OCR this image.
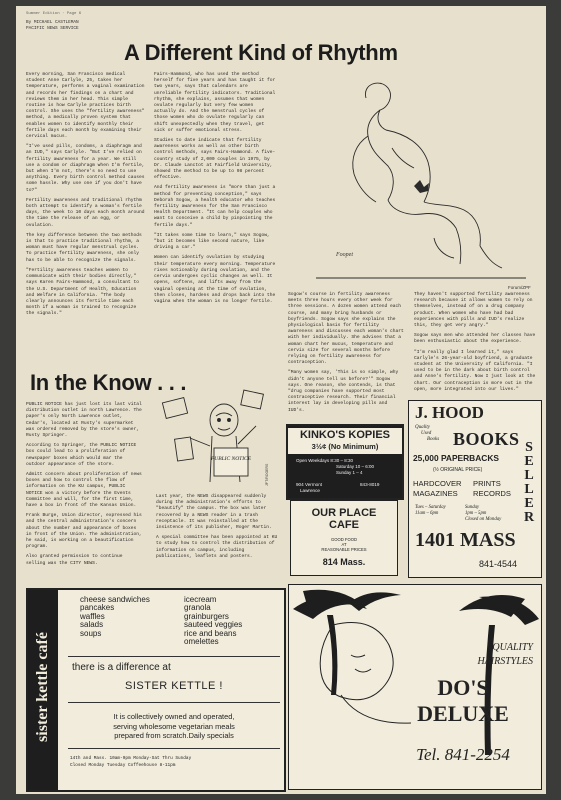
Summer Edition · Page 6
By MICHAEL CASTLEMAN
PACIFIC NEWS SERVICE
A Different Kind of Rhythm

Every morning, San Francisco medical student Anne Carlyle, 25, takes her temperature, performs a vaginal examination and records her findings on a chart and reviews them in her head. This simple routine is how Carlyle practices birth control. She uses the "fertility awareness" method, a medically proven system that enables women to identify monthly their fertile days each month by examining their cervical mucus.

"I've used pills, condoms, a diaphragm and an IUD," says Carlyle. "But I've relied on fertility awareness for a year. We still use a condom or diaphragm when I'm fertile, but when I'm not, there's no need to use anything. Every birth control method causes some hassle. Why use one if you don't have to?"

Fertility awareness and traditional rhythm both attempt to identify a woman's fertile days, the week to 10 days each month around the time the release of an egg, or ovulation.

The key difference between the two methods is that to practice traditional rhythm, a woman must have regular menstrual cycles. To practice fertility awareness, she only has to be able to recognize the signals.

"Fertility awareness teaches women to communicate with their bodies directly," says Karen Fairs-Hammond, a consultant to the U.S. Department of Health, Education and Welfare in California. "The body clearly announces its fertile time each month if a woman is trained to recognize the signals."

Fairs-Hammond, who has used the method herself for five years and has taught it for two years, says that calendars are unreliable fertility indicators. Traditional rhythm, she explains, assumes that women ovulate regularly but very few women actually do. And the menstrual cycles of those women who do ovulate regularly can shift unexpectedly when they travel, get sick or suffer emotional stress.

Studies to date indicate that fertility awareness works as well as other birth control methods, says Fairs-Hammond. A five-country study of 2,000 couples in 1975, by Dr. Claude Lanctot at Fairfield University, showed the method to be up to 98 percent effective.

And fertility awareness is "more than just a method for preventing conception," says Deborah Sogow, a health educator who teaches fertility awareness for the San Francisco Health Department. "It can help couples who want to conceive a child by pinpointing the fertile days."

"It takes some time to learn," says Sogow, "but it becomes like second nature, like driving a car."

Women can identify ovulation by studying their temperature every morning. Temperature rises noticeably during ovulation, and the cervix undergoes cyclic changes as well. It opens, softens, and lifts away from the vaginal opening at the time of ovulation, then closes, hardens and drops back into the vagina when the woman is no longer fertile.

Foopet
Forum/ZPF

Sogow's course in fertility awareness meets three hours every other week for three sessions. A dozen women attend each course, and many bring husbands or boyfriends. Sogow says she explains the physiological basis for fertility awareness and discusses each woman's chart with her individually. She advises that a woman chart her mucus, temperature and cervix size for several months before relying on fertility awareness for contraception.

"Many women say, 'This is so simple, why didn't anyone tell us before?'" Sogow says. One reason, she contends, is that "drug companies have supported most contraceptive research. Their financial interest lay in developing pills and IUD's.

They haven't supported fertility awareness research because it allows women to rely on themselves, instead of on a drug company product. When women who have had bad experiences with pills and IUD's realize this, they get very angry."

Sogow says men who attended her classes have been enthusiastic about the experience.

"I'm really glad I learned it," says Carlyle's 26-year-old boyfriend, a graduate student at the University of California. "I used to be in the dark about birth control and Anne's fertility. Now I just look at the chart. Our contraception is more out in the open, more integrated into our lives."

In the Know . . .

PUBLIC NOTICE has just lost its last vital distribution outlet in north Lawrence. The paper's only North Lawrence outlet, Cedar's, located at Rusty's supermarket was ordered removed by the store's owner, Rusty Springer.

According to Springer, the PUBLIC NOTICE box could lead to a proliferation of newspaper boxes which would mar the outdoor appearance of the store.

Admitt concern about proliferation of news boxes and how to control the flow of information on the KU campus, PUBLIC NOTICE won a victory before the Events Committee and will, for the first time, have a box in front of the Kansas Union.

Frank Burge, Union director, expressed his and the central administration's concern about the number and appearance of boxes in front of the Union. The administration, he said, is working on a beautification program.

Also granted permission to continue selling was the CITY NEWS.

PUBLIC NOTICE
JPT/ROGERS

Last year, the NEWS disappeared suddenly during the administration's efforts to "beautify" the campus. The box was later recovered by a NEWS reader in a trash receptacle. It was reinstalled at the insistence of its publisher, Roger Martin.

A special committee has been appointed at KU to study how to control the distribution of information on campus, including publications, leaflets and posters.

KINKO'S KOPIES
3½¢ (No Minimum)
Open Weekdays 8:30 – 8:30
Saturday 10 – 6:00
Sunday 1 – 4
904 Vermont
Lawrence
843-8019
OUR PLACE
CAFE
GOOD FOOD
AT
REASONABLE PRICES
814 Mass.
J. HOOD
Quality
Used
Books BOOKS
25,000 PAPERBACKS
(½ ORIGINAL PRICE)
HARDCOVER
MAGAZINES
PRINTS
RECORDS
S
E
L
L
E
R
Tues – Saturday
11am – 6pm
Sunday
1pm – 5pm
Closed on Monday
1401 MASS
841-4544
sister kettle café
cheese sandwiches
pancakes
waffles
salads
soups
icecream
granola
grainburgers
sauteed veggies
rice and beans
omelettes
there is a difference at
SISTER KETTLE !
It is collectively owned and operated,
serving wholesome vegetarian meals
prepared from scratch.Daily specials
14th and Mass. 10am-9pm Monday-Sat Thru Sunday
Closed Monday Tuesday Coffeehouse 8-11pm
QUALITY
HAIRSTYLES
DO'S
DELUXE
Tel. 841-2254
